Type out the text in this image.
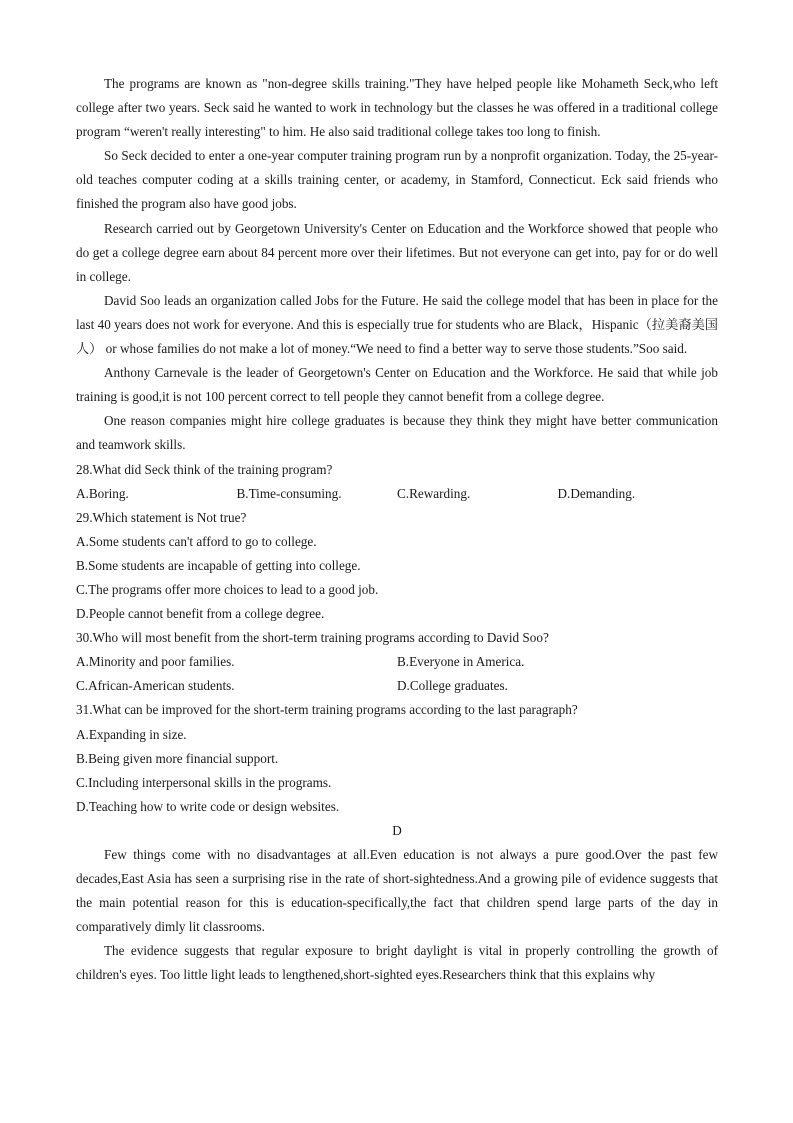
The programs are known as "non-degree skills training."They have helped people like Mohameth Seck,who left college after two years. Seck said he wanted to work in technology but the classes he was offered in a traditional college program “weren't really interesting" to him. He also said traditional college takes too long to finish.

So Seck decided to enter a one-year computer training program run by a nonprofit organization. Today, the 25-year-old teaches computer coding at a skills training center, or academy, in Stamford, Connecticut. Eck said friends who finished the program also have good jobs.

Research carried out by Georgetown University's Center on Education and the Workforce showed that people who do get a college degree earn about 84 percent more over their lifetimes. But not everyone can get into, pay for or do well in college.

David Soo leads an organization called Jobs for the Future. He said the college model that has been in place for the last 40 years does not work for everyone. And this is especially true for students who are Black，Hispanic（拉美裔美国人） or whose families do not make a lot of money.“We need to find a better way to serve those students.”Soo said.

Anthony Carnevale is the leader of Georgetown's Center on Education and the Workforce. He said that while job training is good,it is not 100 percent correct to tell people they cannot benefit from a college degree.

One reason companies might hire college graduates is because they think they might have better communication and teamwork skills.

28.What did Seck think of the training program?

A.Boring.	B.Time-consuming.	C.Rewarding.	D.Demanding.

29.Which statement is Not true?

A.Some students can't afford to go to college.

B.Some students are incapable of getting into college.

C.The programs offer more choices to lead to a good job.

D.People cannot benefit from a college degree.

30.Who will most benefit from the short-term training programs according to David Soo?

A.Minority and poor families.	B.Everyone in America.
C.African-American students.	D.College graduates.

31.What can be improved for the short-term training programs according to the last paragraph?

A.Expanding in size.

B.Being given more financial support.

C.Including interpersonal skills in the programs.

D.Teaching how to write code or design websites.

D

Few things come with no disadvantages at all.Even education is not always a pure good.Over the past few decades,East Asia has seen a surprising rise in the rate of short-sightedness.And a growing pile of evidence suggests that the main potential reason for this is education-specifically,the fact that children spend large parts of the day in comparatively dimly lit classrooms.

The evidence suggests that regular exposure to bright daylight is vital in properly controlling the growth of children's eyes. Too little light leads to lengthened,short-sighted eyes.Researchers think that this explains why
